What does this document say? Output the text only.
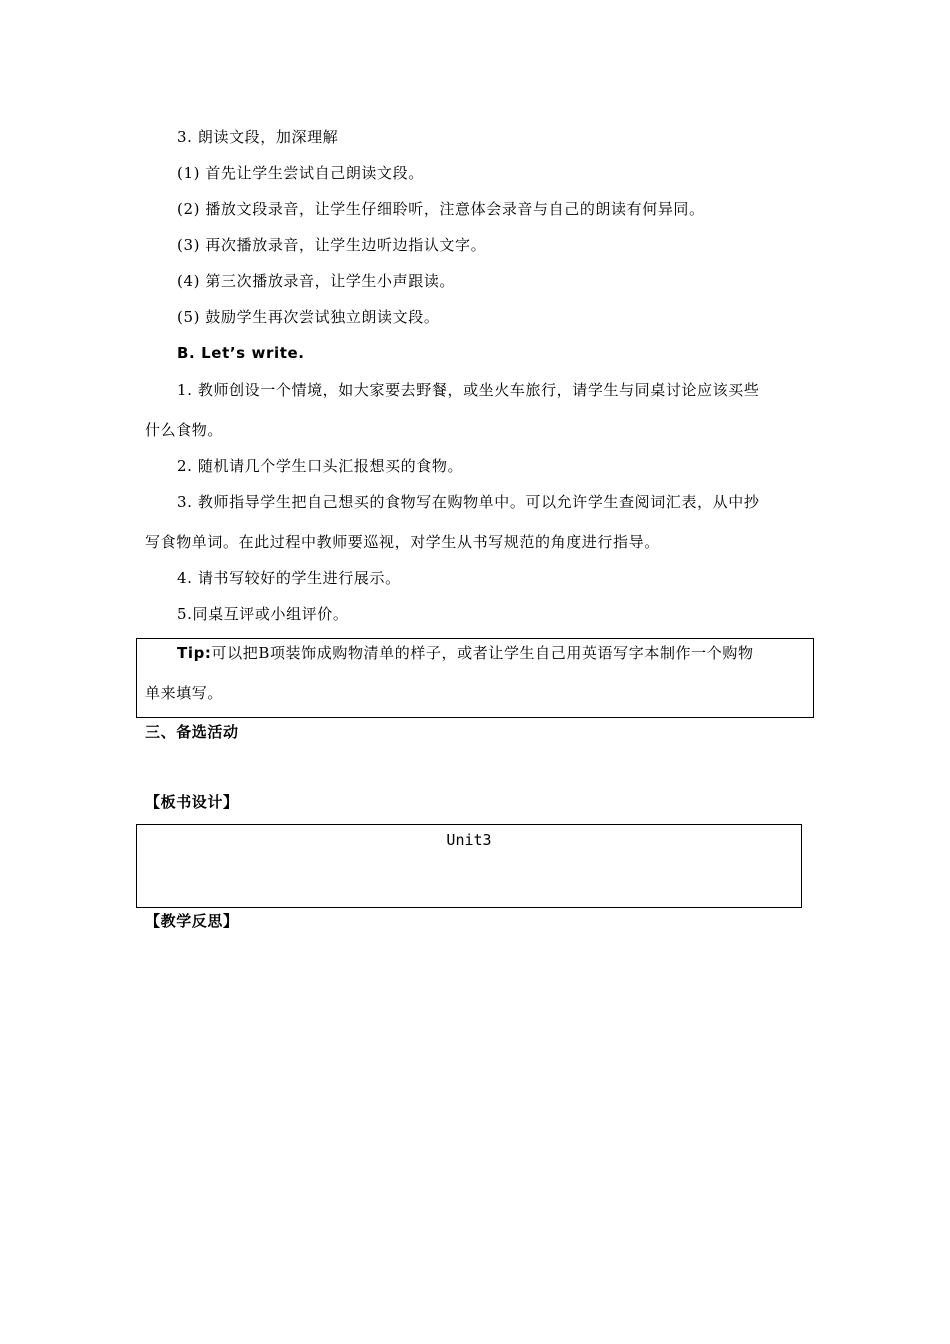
3. 朗读文段，加深理解
(1) 首先让学生尝试自己朗读文段。
(2) 播放文段录音，让学生仔细聆听，注意体会录音与自己的朗读有何异同。
(3) 再次播放录音，让学生边听边指认文字。
(4) 第三次播放录音，让学生小声跟读。
(5) 鼓励学生再次尝试独立朗读文段。
B. Let’s write.
1. 教师创设一个情境，如大家要去野餐，或坐火车旅行，请学生与同桌讨论应该买些
什么食物。
2. 随机请几个学生口头汇报想买的食物。
3. 教师指导学生把自己想买的食物写在购物单中。可以允许学生查阅词汇表，从中抄
写食物单词。在此过程中教师要巡视，对学生从书写规范的角度进行指导。
4. 请书写较好的学生进行展示。
5.同桌互评或小组评价。
Tip:可以把B项装饰成购物清单的样子，或者让学生自己用英语写字本制作一个购物
单来填写。
三、备选活动
【板书设计】
Unit3
【教学反思】
